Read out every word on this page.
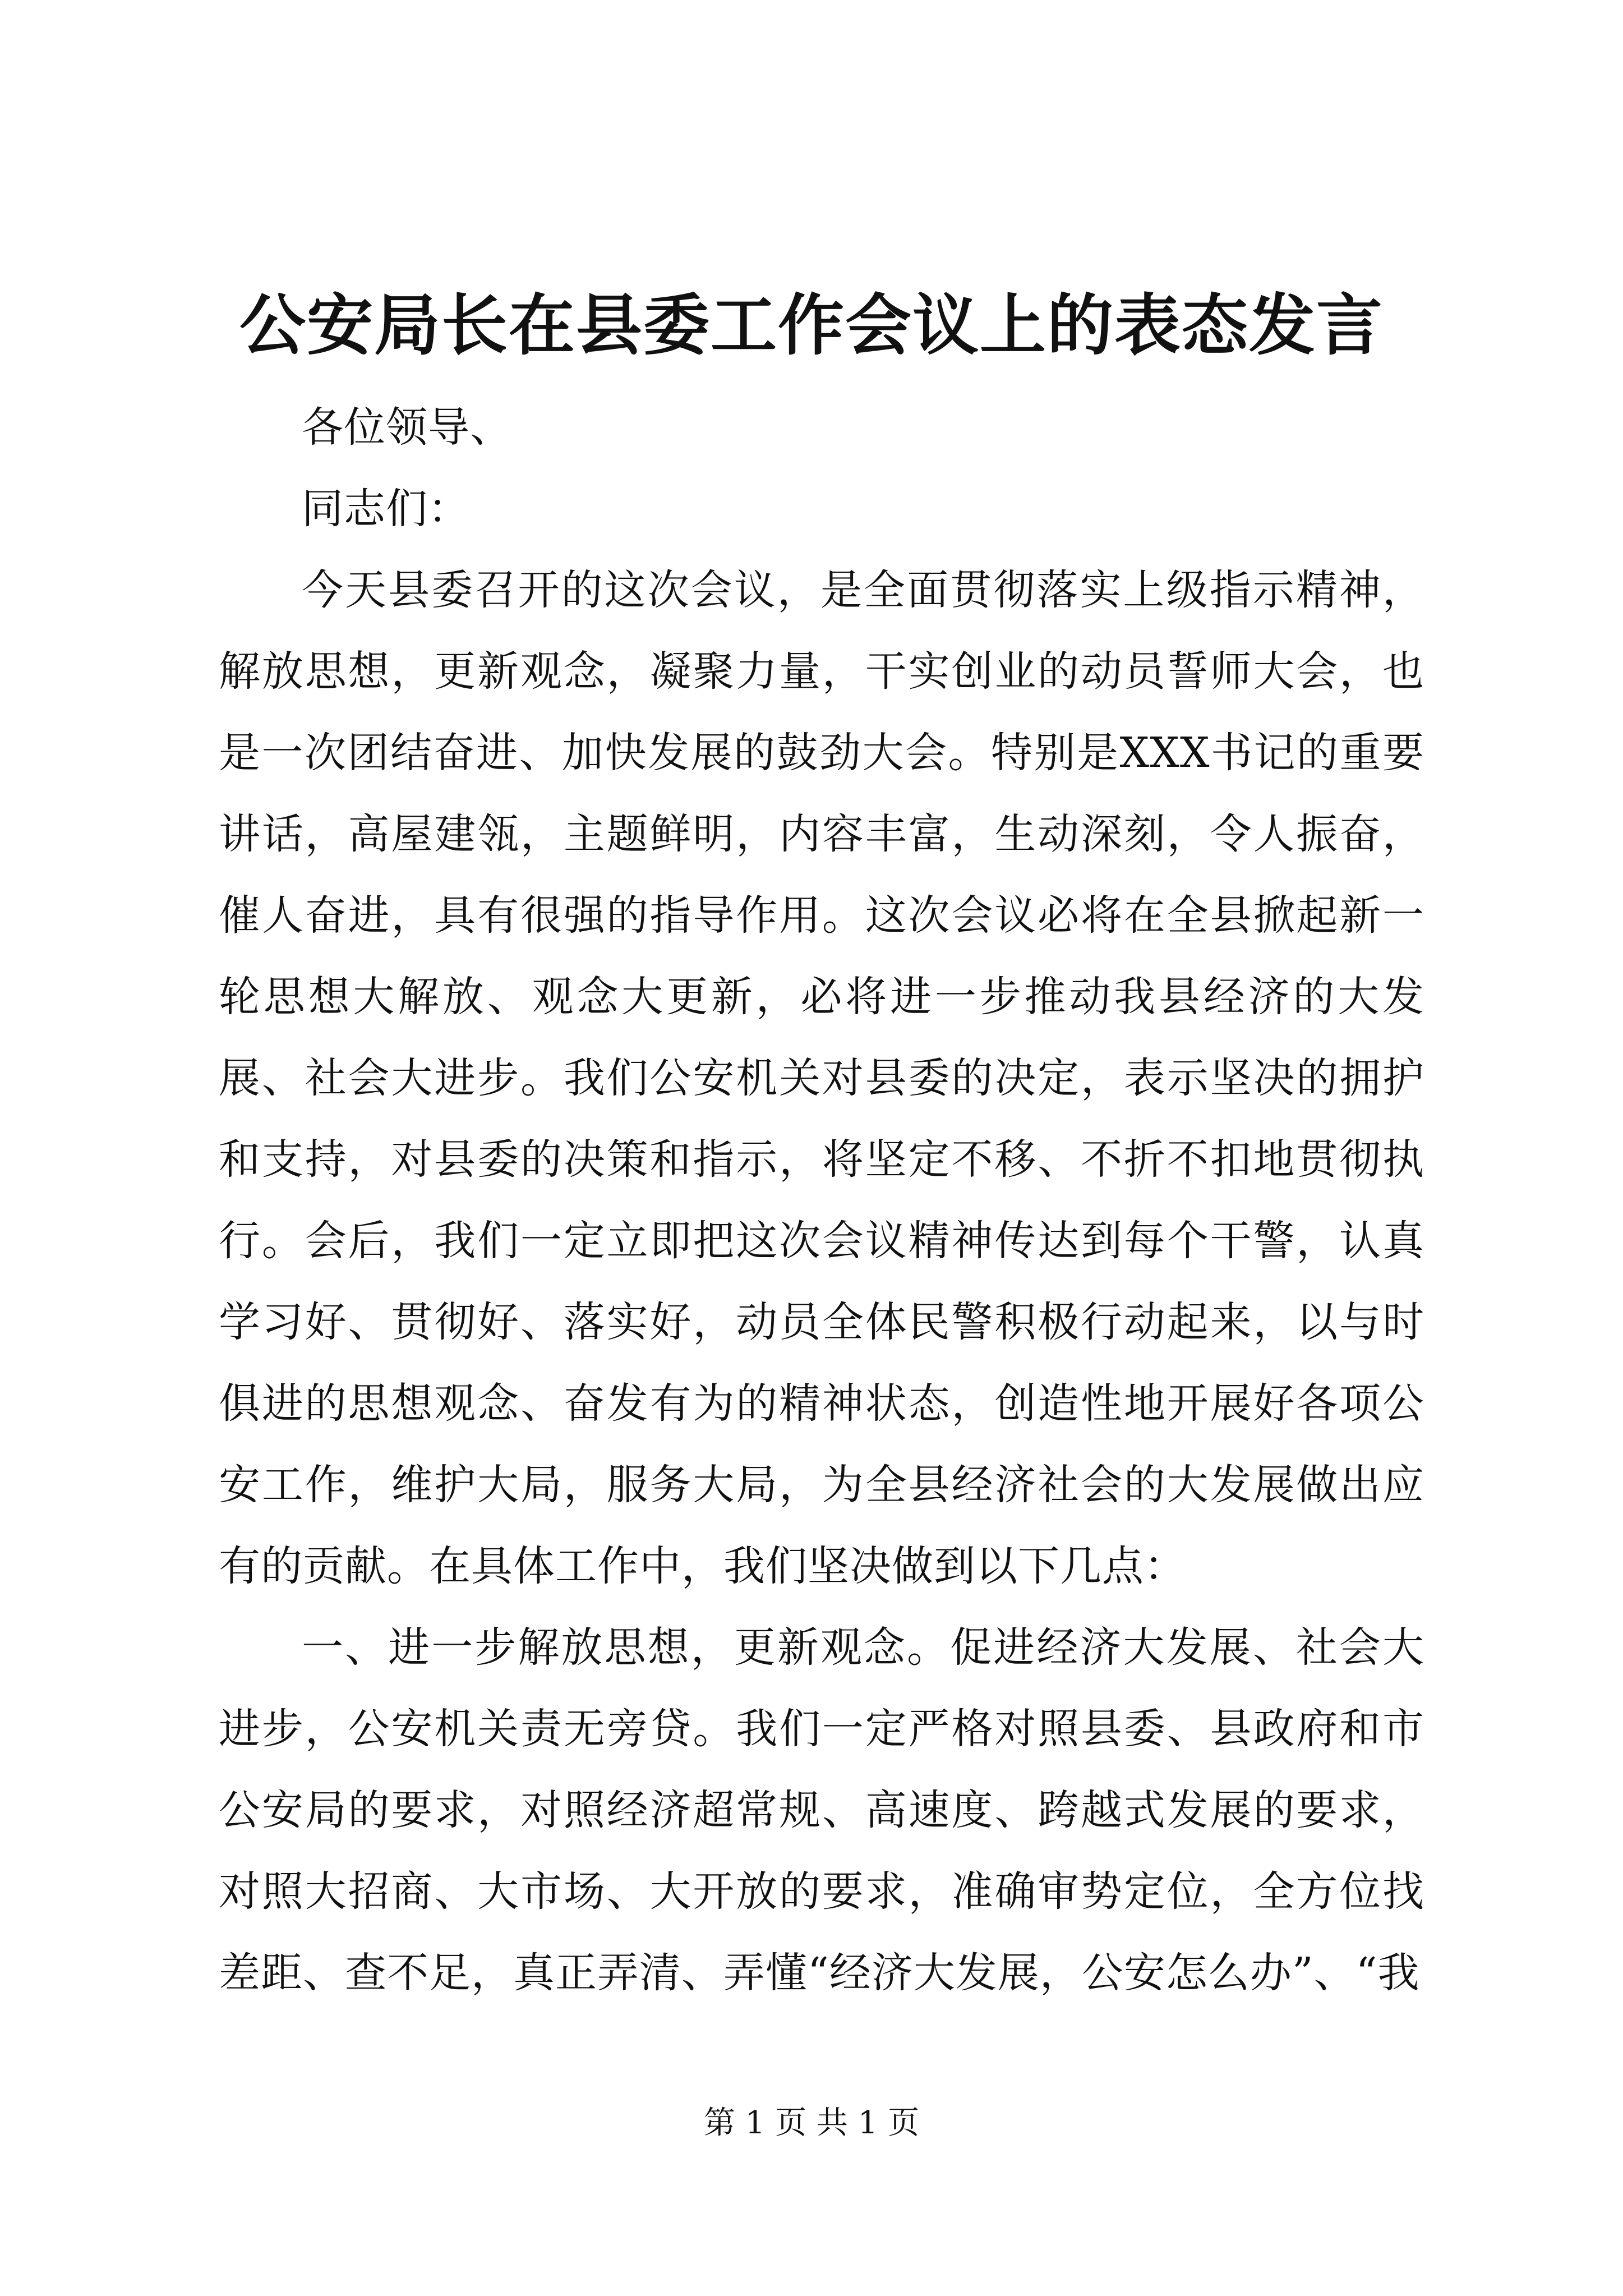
公安局长在县委工作会议上的表态发言

各位领导、

同志们：

今天县委召开的这次会议，是全面贯彻落实上级指示精神，解放思想，更新观念，凝聚力量，干实创业的动员誓师大会，也是一次团结奋进、加快发展的鼓劲大会。特别是XXX书记的重要讲话，高屋建瓴，主题鲜明，内容丰富，生动深刻，令人振奋，催人奋进，具有很强的指导作用。这次会议必将在全县掀起新一轮思想大解放、观念大更新，必将进一步推动我县经济的大发展、社会大进步。我们公安机关对县委的决定，表示坚决的拥护和支持，对县委的决策和指示，将坚定不移、不折不扣地贯彻执行。会后，我们一定立即把这次会议精神传达到每个干警，认真学习好、贯彻好、落实好，动员全体民警积极行动起来，以与时俱进的思想观念、奋发有为的精神状态，创造性地开展好各项公安工作，维护大局，服务大局，为全县经济社会的大发展做出应有的贡献。在具体工作中，我们坚决做到以下几点：

一、进一步解放思想，更新观念。促进经济大发展、社会大进步，公安机关责无旁贷。我们一定严格对照县委、县政府和市公安局的要求，对照经济超常规、高速度、跨越式发展的要求，对照大招商、大市场、大开放的要求，准确审势定位，全方位找差距、查不足，真正弄清、弄懂“经济大发展，公安怎么办”、“我

第 1 页 共 1 页
